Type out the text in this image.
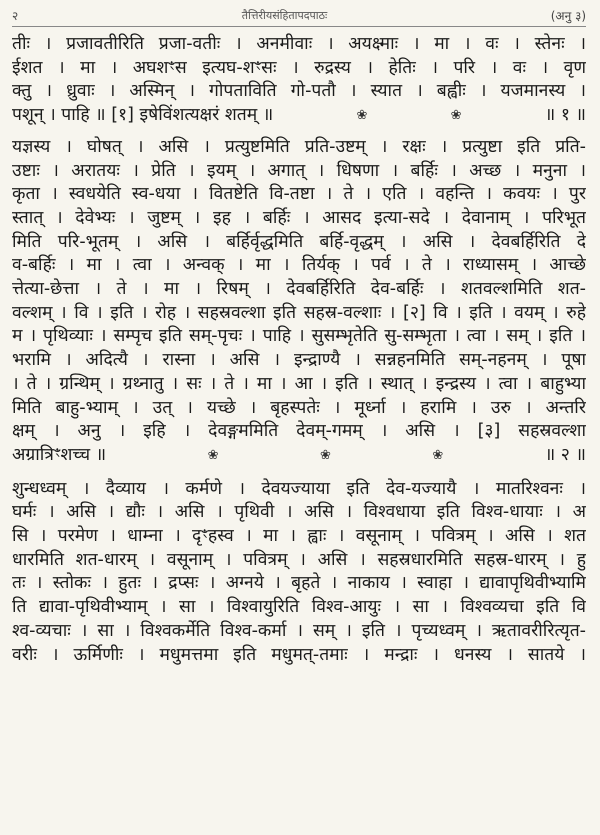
२	तैत्तिरीयसंहितापदपाठः	(अनु ३)
तीः । प्रजावतीरिति प्रजा-वतीः । अनमीवाः । अयक्ष्माः । मा । वः । स्तेनः ।
ईशत । मा । अघशꣳस इत्यघ-शꣳसः । रुद्रस्य । हेतिः । परि । वः । वृण
क्तु । ध्रुवाः । अस्मिन् । गोपताविति गो-पतौ । स्यात । बह्वीः । यजमानस्य ।
पशून् । पाहि ॥ [१] इषेविंशत्यक्षरं शतम् ॥	❀	❀	॥ १ ॥
यज्ञस्य । घोषत् । असि । प्रत्युष्टमिति प्रति-उष्टम् । रक्षः । प्रत्युष्टा इति प्रति-
उष्टाः । अरातयः । प्रेति । इयम् । अगात् । धिषणा । बर्हिः । अच्छ । मनुना ।
कृता । स्वधयेति स्व-धया । वितष्टेति वि-तष्टा । ते । एति । वहन्ति । कवयः । पुर
स्तात् । देवेभ्यः । जुष्टम् । इह । बर्हिः । आसद इत्या-सदे । देवानाम् । परिभूत
मिति परि-भूतम् । असि । बर्हिर्वृद्धमिति बर्हि-वृद्धम् । असि । देवबर्हिरिति दे
व-बर्हिः । मा । त्वा । अन्वक् । मा । तिर्यक् । पर्व । ते । राध्यासम् । आच्छे
त्तेत्या-छेत्ता । ते । मा । रिषम् । देवबर्हिरिति देव-बर्हिः । शतवल्शमिति शत-
वल्शम् । वि । इति । रोह । सहस्रवल्शा इति सहस्र-वल्शाः । [२] वि । इति । वयम् । रुहे
म । पृथिव्याः । सम्पृच इति सम्-पृचः । पाहि । सुसम्भृतेति सु-सम्भृता । त्वा । सम् । इति ।
भरामि । अदित्यै । रास्ना । असि । इन्द्राण्यै । सन्नहनमिति सम्-नहनम् । पूषा
। ते । ग्रन्थिम् । ग्रथ्नातु । सः । ते । मा । आ । इति । स्थात् । इन्द्रस्य । त्वा । बाहुभ्या
मिति बाहु-भ्याम् । उत् । यच्छे । बृहस्पतेः । मूर्ध्ना । हरामि । उरु । अन्तरि
क्षम् । अनु । इहि । देवङ्गममिति देवम्-गमम् । असि । [३] सहस्रवल्शा
अग्रात्रिꣳशच्च ॥	❀	❀	❀	॥ २ ॥
शुन्धध्वम् । दैव्याय । कर्मणे । देवयज्याया इति देव-यज्यायै । मातरिश्वनः ।
घर्मः । असि । द्यौः । असि । पृथिवी । असि । विश्वधाया इति विश्व-धायाः । अ
सि । परमेण । धाम्ना । दृꣳहस्व । मा । ह्वाः । वसूनाम् । पवित्रम् । असि । शत
धारमिति शत-धारम् । वसूनाम् । पवित्रम् । असि । सहस्रधारमिति सहस्र-धारम् । हु
तः । स्तोकः । हुतः । द्रप्सः । अग्नये । बृहते । नाकाय । स्वाहा । द्यावापृथिवीभ्यामि
ति द्यावा-पृथिवीभ्याम् । सा । विश्वायुरिति विश्व-आयुः । सा । विश्वव्यचा इति वि
श्व-व्यचाः । सा । विश्वकर्मेति विश्व-कर्मा । सम् । इति । पृच्यध्वम् । ऋतावरीरित्यृत-
वरीः । ऊर्मिणीः । मधुमत्तमा इति मधुमत्-तमाः । मन्द्राः । धनस्य । सातये ।
